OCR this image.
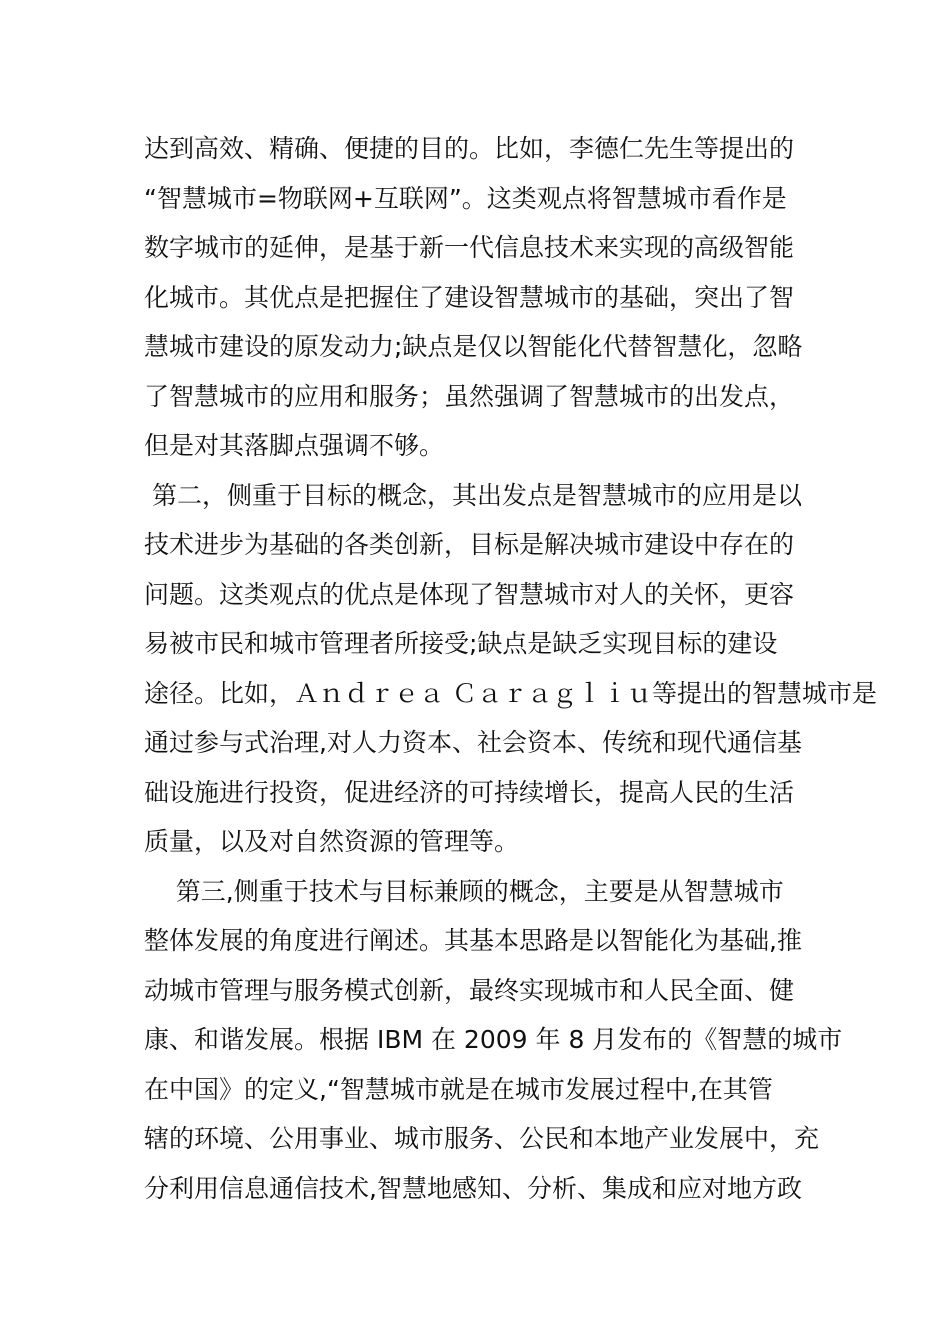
达到高效、精确、便捷的目的。比如，李德仁先生等提出的
“智慧城市=物联网+互联网”。这类观点将智慧城市看作是
数字城市的延伸，是基于新一代信息技术来实现的高级智能
化城市。其优点是把握住了建设智慧城市的基础，突出了智
慧城市建设的原发动力;缺点是仅以智能化代替智慧化，忽略
了智慧城市的应用和服务；虽然强调了智慧城市的出发点，
但是对其落脚点强调不够。
第二，侧重于目标的概念，其出发点是智慧城市的应用是以
技术进步为基础的各类创新，目标是解决城市建设中存在的
问题。这类观点的优点是体现了智慧城市对人的关怀，更容
易被市民和城市管理者所接受;缺点是缺乏实现目标的建设
途径。比如，Ａｎｄｒｅａ Ｃａｒａｇｌｉｕ等提出的智慧城市是
通过参与式治理,对人力资本、社会资本、传统和现代通信基
础设施进行投资，促进经济的可持续增长，提高人民的生活
质量，以及对自然资源的管理等。
第三,侧重于技术与目标兼顾的概念，主要是从智慧城市
整体发展的角度进行阐述。其基本思路是以智能化为基础,推
动城市管理与服务模式创新，最终实现城市和人民全面、健
康、和谐发展。根据 IBM 在 2009 年 8 月发布的《智慧的城市
在中国》的定义,“智慧城市就是在城市发展过程中,在其管
辖的环境、公用事业、城市服务、公民和本地产业发展中，充
分利用信息通信技术,智慧地感知、分析、集成和应对地方政
